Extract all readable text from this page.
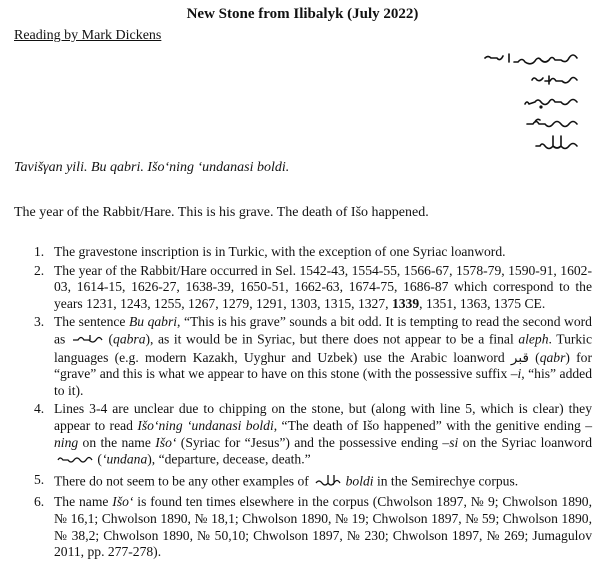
New Stone from Ilibalyk (July 2022)
Reading by Mark Dickens
Tavišγan yili. Bu qabri. Išo‘ning ‘undanasi boldi.
The year of the Rabbit/Hare. This is his grave. The death of Išo happened.
1. The gravestone inscription is in Turkic, with the exception of one Syriac loanword.
2. The year of the Rabbit/Hare occurred in Sel. 1542-43, 1554-55, 1566-67, 1578-79, 1590-91, 1602-03, 1614-15, 1626-27, 1638-39, 1650-51, 1662-63, 1674-75, 1686-87 which correspond to the years 1231, 1243, 1255, 1267, 1279, 1291, 1303, 1315, 1327, 1339, 1351, 1363, 1375 CE.
3. The sentence Bu qabri, “This is his grave” sounds a bit odd. It is tempting to read the second word as	(qabra), as it would be in Syriac, but there does not appear to be a final aleph. Turkic languages (e.g. modern Kazakh, Uyghur and Uzbek) use the Arabic loanword قبر (qabr) for “grave” and this is what we appear to have on this stone (with the possessive suffix –i, “his” added to it).
4. Lines 3-4 are unclear due to chipping on the stone, but (along with line 5, which is clear) they appear to read Išo‘ning ‘undanasi boldi, “The death of Išo happened” with the genitive ending –ning on the name Išo‘ (Syriac for “Jesus”) and the possessive ending –si on the Syriac loanword  (‘undana), “departure, decease, death.”
5. There do not seem to be any other examples of  boldi in the Semirechye corpus.
6. The name Išo‘ is found ten times elsewhere in the corpus (Chwolson 1897, № 9; Chwolson 1890, № 16,1; Chwolson 1890, № 18,1; Chwolson 1890, № 19; Chwolson 1897, № 59; Chwolson 1890, № 38,2; Chwolson 1890, № 50,10; Chwolson 1897, № 230; Chwolson 1897, № 269; Jumagulov 2011, pp. 277-278).
